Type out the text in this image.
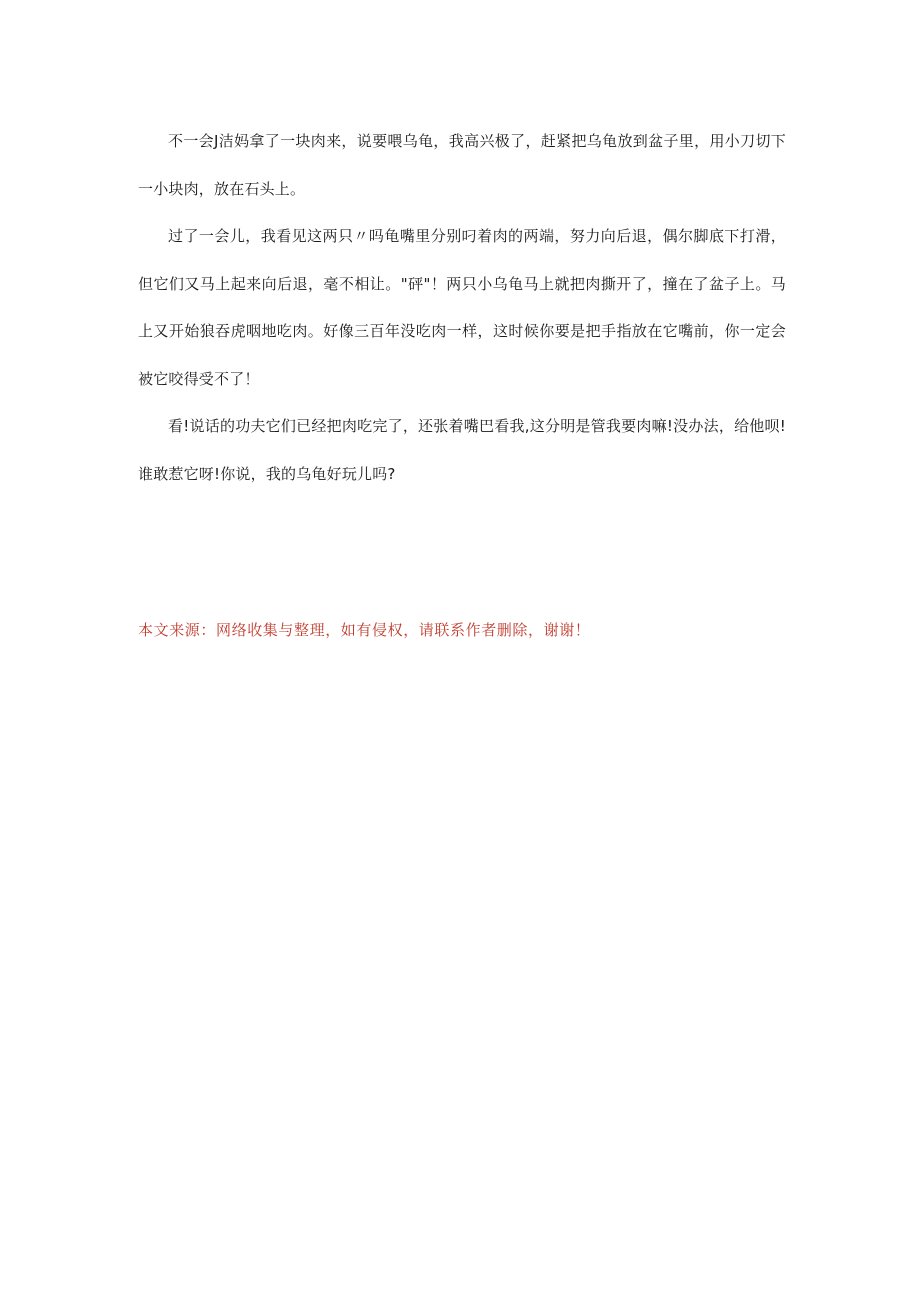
不一会J洁妈拿了一块肉来，说要喂乌龟，我高兴极了，赶紧把乌龟放到盆子里，用小刀切下一小块肉，放在石头上。

过了一会儿，我看见这两只〃吗龟嘴里分别叼着肉的两端，努力向后退，偶尔脚底下打滑，但它们又马上起来向后退，毫不相让。"砰"！两只小乌龟马上就把肉撕开了，撞在了盆子上。马上又开始狼吞虎咽地吃肉。好像三百年没吃肉一样，这时候你要是把手指放在它嘴前，你一定会被它咬得受不了！

看!说话的功夫它们已经把肉吃完了，还张着嘴巴看我,这分明是管我要肉嘛!没办法，给他呗!谁敢惹它呀!你说，我的乌龟好玩儿吗?

本文来源：网络收集与整理，如有侵权，请联系作者删除，谢谢！
